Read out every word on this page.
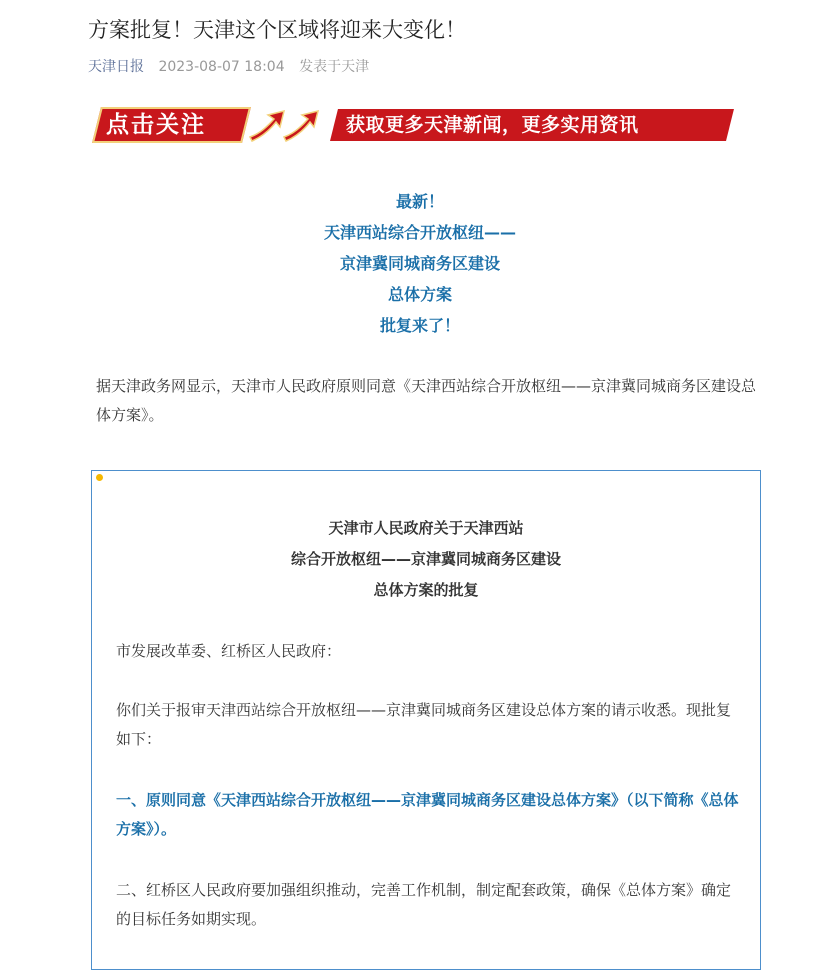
方案批复！天津这个区域将迎来大变化！
天津日报 2023-08-07 18:04 发表于天津
点击关注	获取更多天津新闻，更多实用资讯
最新！
天津西站综合开放枢纽——
京津冀同城商务区建设
总体方案
批复来了！
据天津政务网显示，天津市人民政府原则同意《天津西站综合开放枢纽——京津冀同城商务区建设总体方案》。
天津市人民政府关于天津西站
综合开放枢纽——京津冀同城商务区建设
总体方案的批复
市发展改革委、红桥区人民政府：
你们关于报审天津西站综合开放枢纽——京津冀同城商务区建设总体方案的请示收悉。现批复如下：
一、原则同意《天津西站综合开放枢纽——京津冀同城商务区建设总体方案》（以下简称《总体方案》）。
二、红桥区人民政府要加强组织推动，完善工作机制，制定配套政策，确保《总体方案》确定的目标任务如期实现。
